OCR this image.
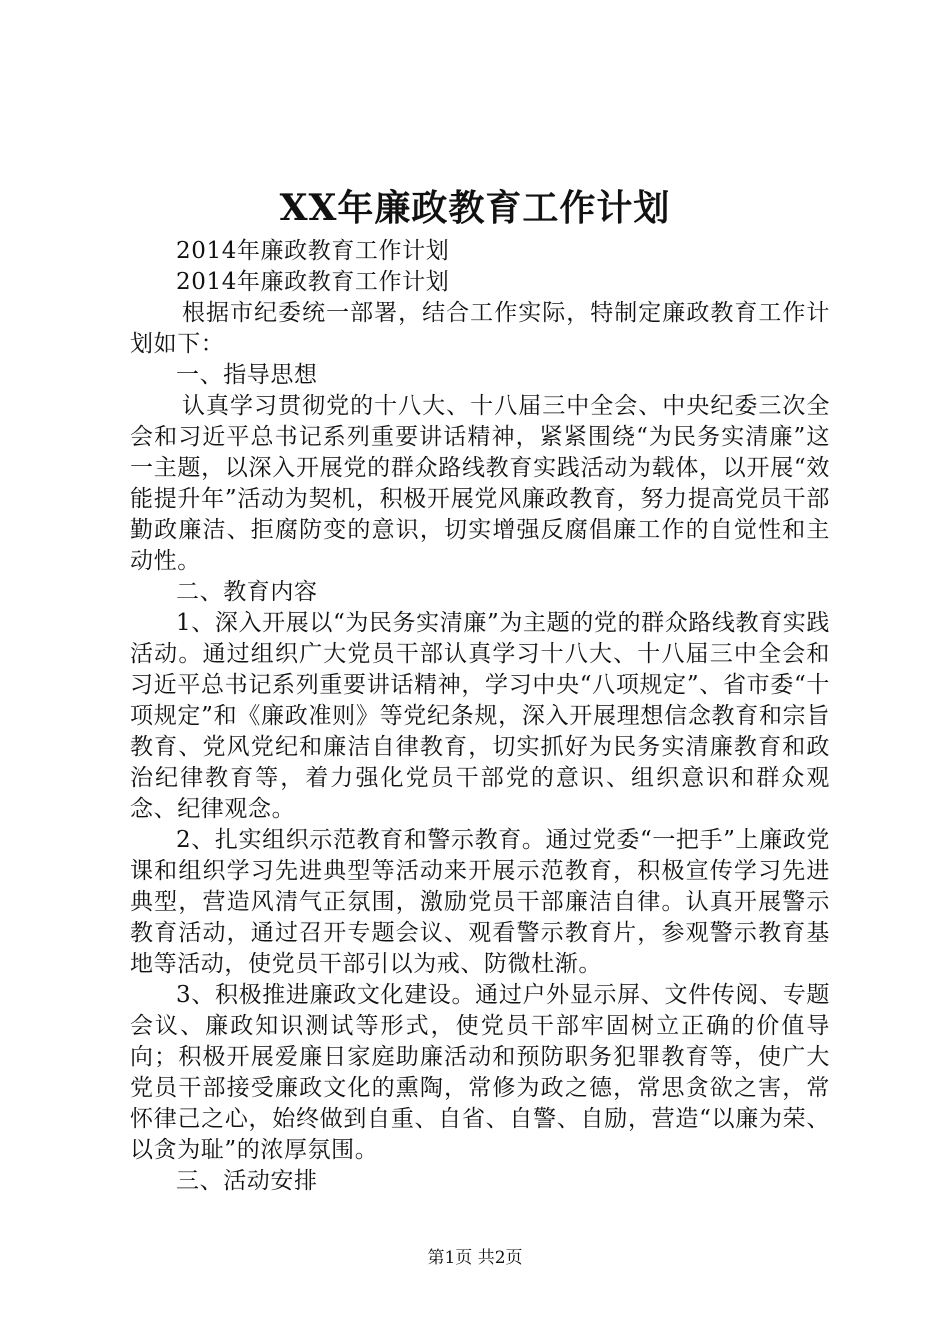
XX年廉政教育工作计划

2014年廉政教育工作计划

2014年廉政教育工作计划

根据市纪委统一部署，结合工作实际，特制定廉政教育工作计划如下：

一、指导思想

认真学习贯彻党的十八大、十八届三中全会、中央纪委三次全会和习近平总书记系列重要讲话精神，紧紧围绕“为民务实清廉”这一主题，以深入开展党的群众路线教育实践活动为载体，以开展“效能提升年”活动为契机，积极开展党风廉政教育，努力提高党员干部勤政廉洁、拒腐防变的意识，切实增强反腐倡廉工作的自觉性和主动性。

二、教育内容

1、深入开展以“为民务实清廉”为主题的党的群众路线教育实践活动。通过组织广大党员干部认真学习十八大、十八届三中全会和习近平总书记系列重要讲话精神，学习中央“八项规定”、省市委“十项规定”和《廉政准则》等党纪条规，深入开展理想信念教育和宗旨教育、党风党纪和廉洁自律教育，切实抓好为民务实清廉教育和政治纪律教育等，着力强化党员干部党的意识、组织意识和群众观念、纪律观念。

2、扎实组织示范教育和警示教育。通过党委“一把手”上廉政党课和组织学习先进典型等活动来开展示范教育，积极宣传学习先进典型，营造风清气正氛围，激励党员干部廉洁自律。认真开展警示教育活动，通过召开专题会议、观看警示教育片，参观警示教育基地等活动，使党员干部引以为戒、防微杜渐。

3、积极推进廉政文化建设。通过户外显示屏、文件传阅、专题会议、廉政知识测试等形式，使党员干部牢固树立正确的价值导向；积极开展爱廉日家庭助廉活动和预防职务犯罪教育等，使广大党员干部接受廉政文化的熏陶，常修为政之德，常思贪欲之害，常怀律己之心，始终做到自重、自省、自警、自励，营造“以廉为荣、以贪为耻”的浓厚氛围。

三、活动安排

第1页 共2页
